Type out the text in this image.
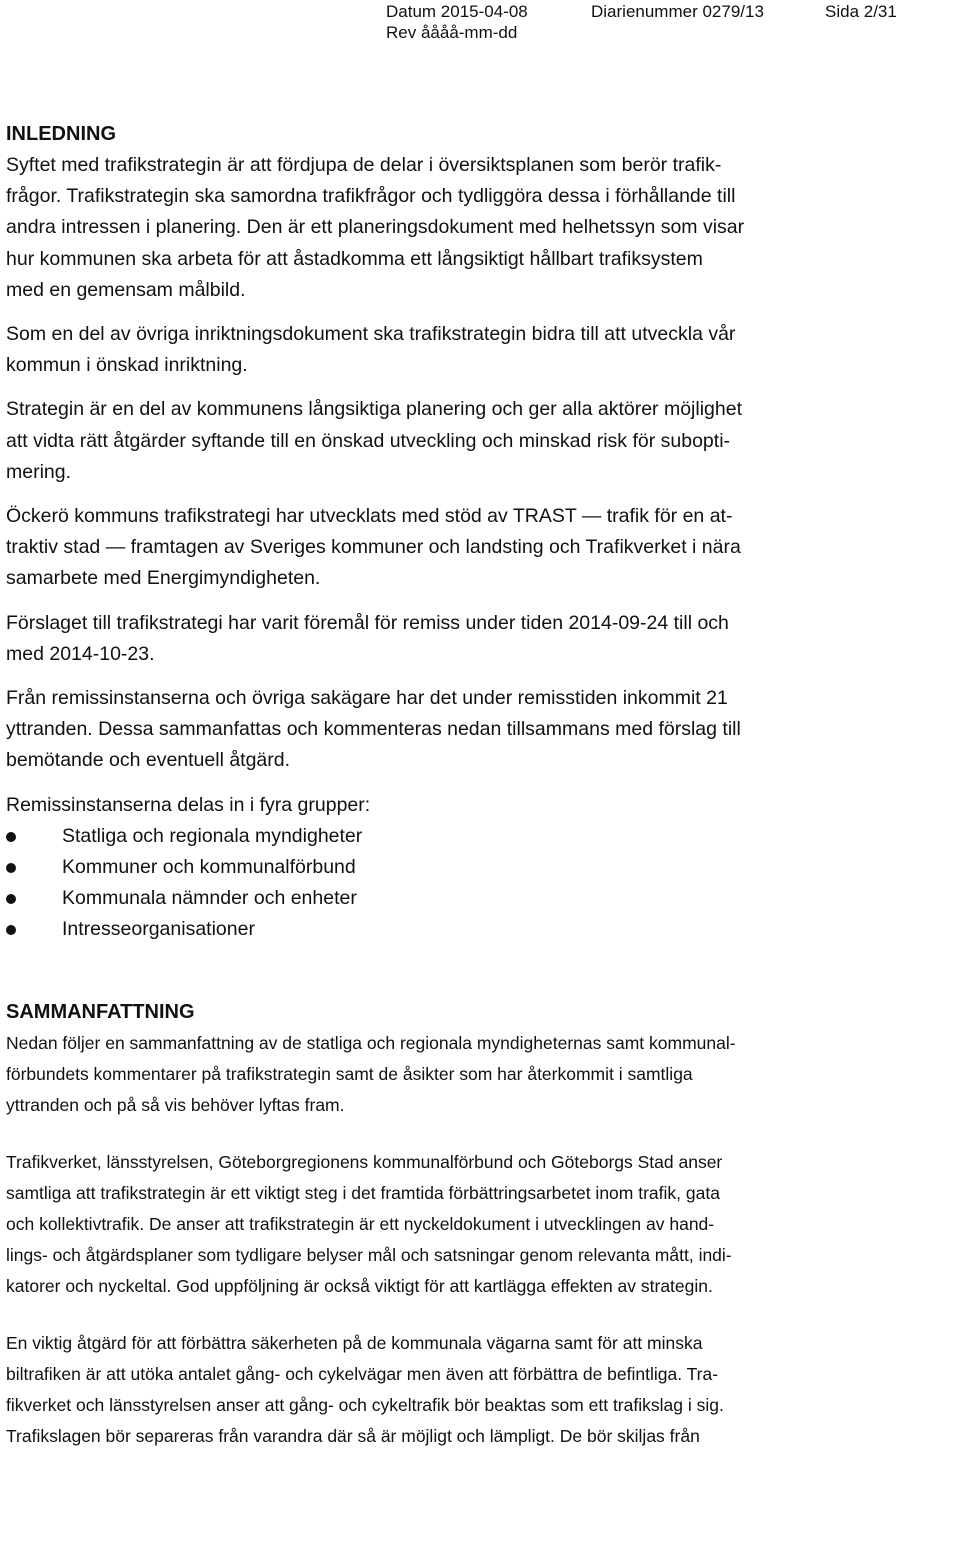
Datum 2015-04-08	Diarienummer 0279/13	Sida 2/31
Rev åååå-mm-dd
INLEDNING

Syftet med trafikstrategin är att fördjupa de delar i översiktsplanen som berör trafik-
frågor. Trafikstrategin ska samordna trafikfrågor och tydliggöra dessa i förhållande till
andra intressen i planering. Den är ett planeringsdokument med helhetssyn som visar
hur kommunen ska arbeta för att åstadkomma ett långsiktigt hållbart trafiksystem
med en gemensam målbild.

Som en del av övriga inriktningsdokument ska trafikstrategin bidra till att utveckla vår
kommun i önskad inriktning.

Strategin är en del av kommunens långsiktiga planering och ger alla aktörer möjlighet
att vidta rätt åtgärder syftande till en önskad utveckling och minskad risk för subopti-
mering.

Öckerö kommuns trafikstrategi har utvecklats med stöd av TRAST — trafik för en at-
traktiv stad — framtagen av Sveriges kommuner och landsting och Trafikverket i nära
samarbete med Energimyndigheten.

Förslaget till trafikstrategi har varit föremål för remiss under tiden 2014-09-24 till och
med 2014-10-23.

Från remissinstanserna och övriga sakägare har det under remisstiden inkommit 21
yttranden. Dessa sammanfattas och kommenteras nedan tillsammans med förslag till
bemötande och eventuell åtgärd.

Remissinstanserna delas in i fyra grupper:

Statliga och regionala myndigheter
Kommuner och kommunalförbund
Kommunala nämnder och enheter
Intresseorganisationer
SAMMANFATTNING

Nedan följer en sammanfattning av de statliga och regionala myndigheternas samt kommunal-
förbundets kommentarer på trafikstrategin samt de åsikter som har återkommit i samtliga
yttranden och på så vis behöver lyftas fram.

Trafikverket, länsstyrelsen, Göteborgregionens kommunalförbund och Göteborgs Stad anser
samtliga att trafikstrategin är ett viktigt steg i det framtida förbättringsarbetet inom trafik, gata
och kollektivtrafik. De anser att trafikstrategin är ett nyckeldokument i utvecklingen av hand-
lings- och åtgärdsplaner som tydligare belyser mål och satsningar genom relevanta mått, indi-
katorer och nyckeltal. God uppföljning är också viktigt för att kartlägga effekten av strategin.

En viktig åtgärd för att förbättra säkerheten på de kommunala vägarna samt för att minska
biltrafiken är att utöka antalet gång- och cykelvägar men även att förbättra de befintliga. Tra-
fikverket och länsstyrelsen anser att gång- och cykeltrafik bör beaktas som ett trafikslag i sig.
Trafikslagen bör separeras från varandra där så är möjligt och lämpligt. De bör skiljas från
